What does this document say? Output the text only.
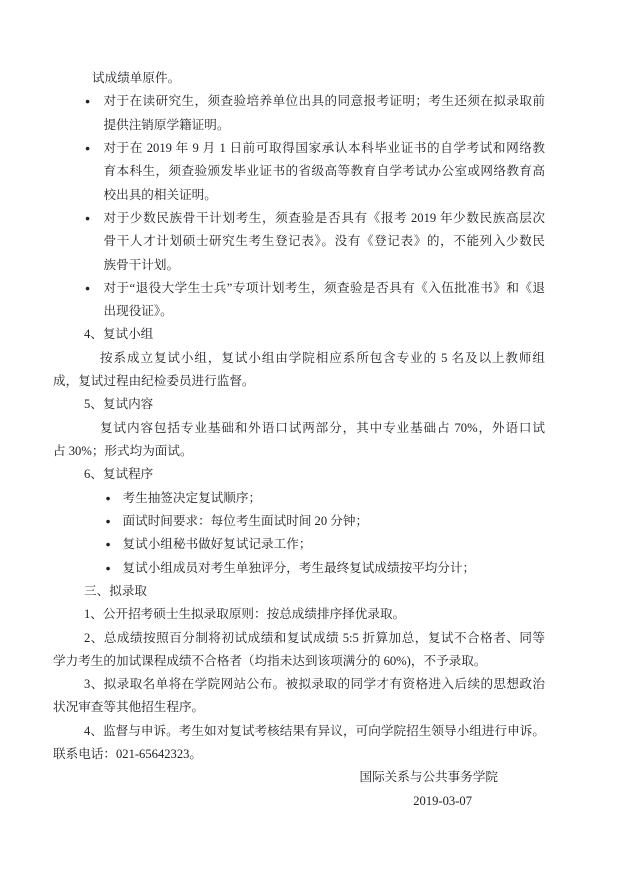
试成绩单原件。
● 对于在读研究生，须查验培养单位出具的同意报考证明；考生还须在拟录取前
提供注销原学籍证明。
● 对于在 2019 年 9 月 1 日前可取得国家承认本科毕业证书的自学考试和网络教
育本科生，须查验颁发毕业证书的省级高等教育自学考试办公室或网络教育高
校出具的相关证明。
● 对于少数民族骨干计划考生，须查验是否具有《报考 2019 年少数民族高层次
骨干人才计划硕士研究生考生登记表》。没有《登记表》的，不能列入少数民
族骨干计划。
● 对于“退役大学生士兵”专项计划考生，须查验是否具有《入伍批准书》和《退
出现役证》。
4、复试小组
按系成立复试小组，复试小组由学院相应系所包含专业的 5 名及以上教师组
成，复试过程由纪检委员进行监督。
5、复试内容
复试内容包括专业基础和外语口试两部分，其中专业基础占 70%，外语口试
占 30%；形式均为面试。
6、复试程序
● 考生抽签决定复试顺序；
● 面试时间要求：每位考生面试时间 20 分钟；
● 复试小组秘书做好复试记录工作；
● 复试小组成员对考生单独评分，考生最终复试成绩按平均分计；
三、拟录取
1、公开招考硕士生拟录取原则：按总成绩排序择优录取。
2、总成绩按照百分制将初试成绩和复试成绩 5:5 折算加总，复试不合格者、同等
学力考生的加试课程成绩不合格者（均指未达到该项满分的 60%)，不予录取。
3、拟录取名单将在学院网站公布。被拟录取的同学才有资格进入后续的思想政治
状况审查等其他招生程序。
4、监督与申诉。考生如对复试考核结果有异议，可向学院招生领导小组进行申诉。
联系电话：021-65642323。
国际关系与公共事务学院
2019-03-07
